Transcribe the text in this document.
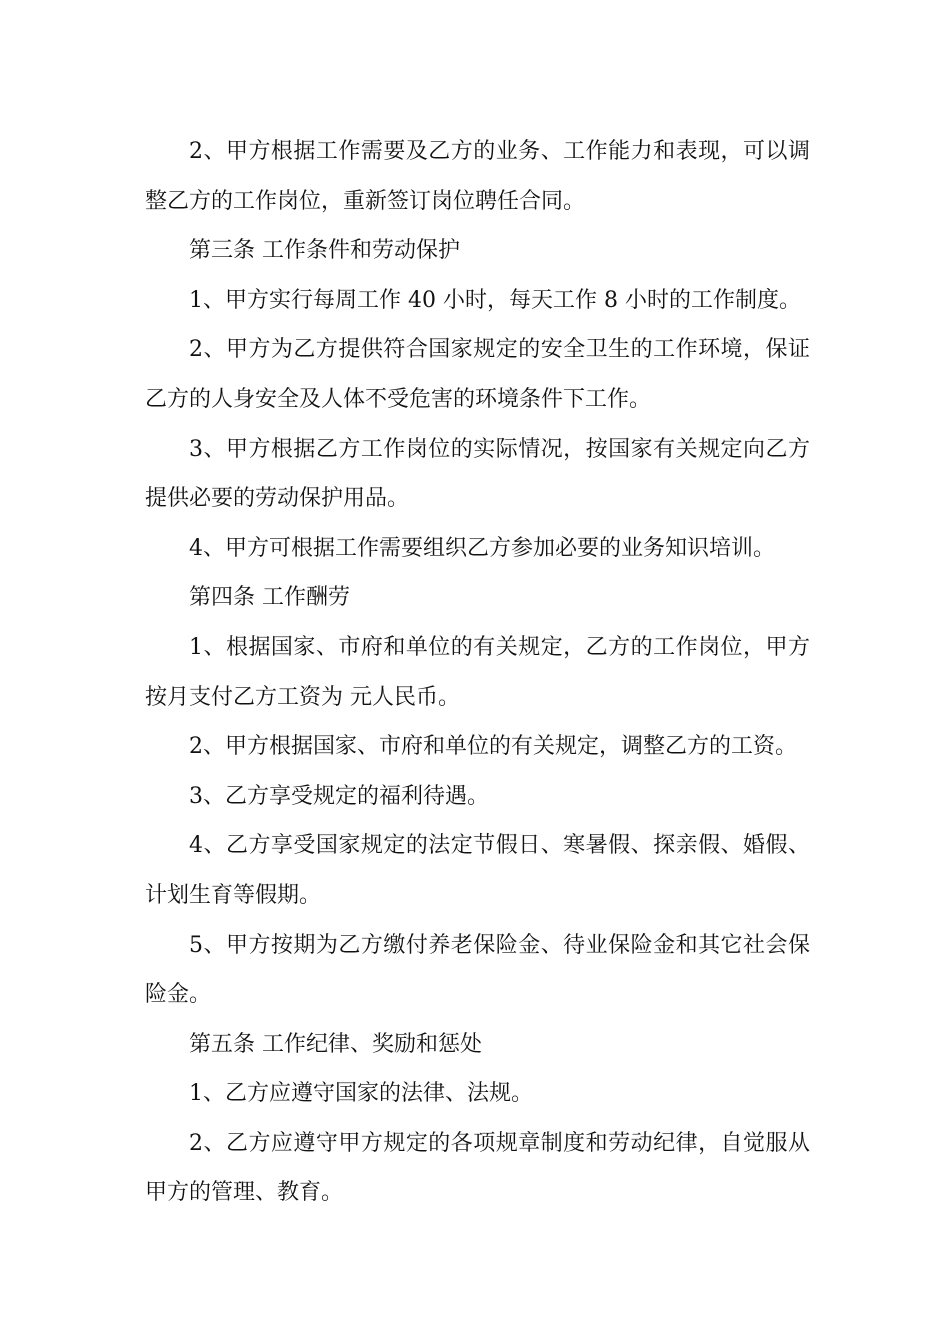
2、甲方根据工作需要及乙方的业务、工作能力和表现，可以调整乙方的工作岗位，重新签订岗位聘任合同。

第三条 工作条件和劳动保护

1、甲方实行每周工作 40 小时，每天工作 8 小时的工作制度。

2、甲方为乙方提供符合国家规定的安全卫生的工作环境，保证乙方的人身安全及人体不受危害的环境条件下工作。

3、甲方根据乙方工作岗位的实际情况，按国家有关规定向乙方提供必要的劳动保护用品。

4、甲方可根据工作需要组织乙方参加必要的业务知识培训。

第四条 工作酬劳

1、根据国家、市府和单位的有关规定，乙方的工作岗位，甲方按月支付乙方工资为 元人民币。

2、甲方根据国家、市府和单位的有关规定，调整乙方的工资。

3、乙方享受规定的福利待遇。

4、乙方享受国家规定的法定节假日、寒暑假、探亲假、婚假、计划生育等假期。

5、甲方按期为乙方缴付养老保险金、待业保险金和其它社会保险金。

第五条 工作纪律、奖励和惩处

1、乙方应遵守国家的法律、法规。

2、乙方应遵守甲方规定的各项规章制度和劳动纪律，自觉服从甲方的管理、教育。
